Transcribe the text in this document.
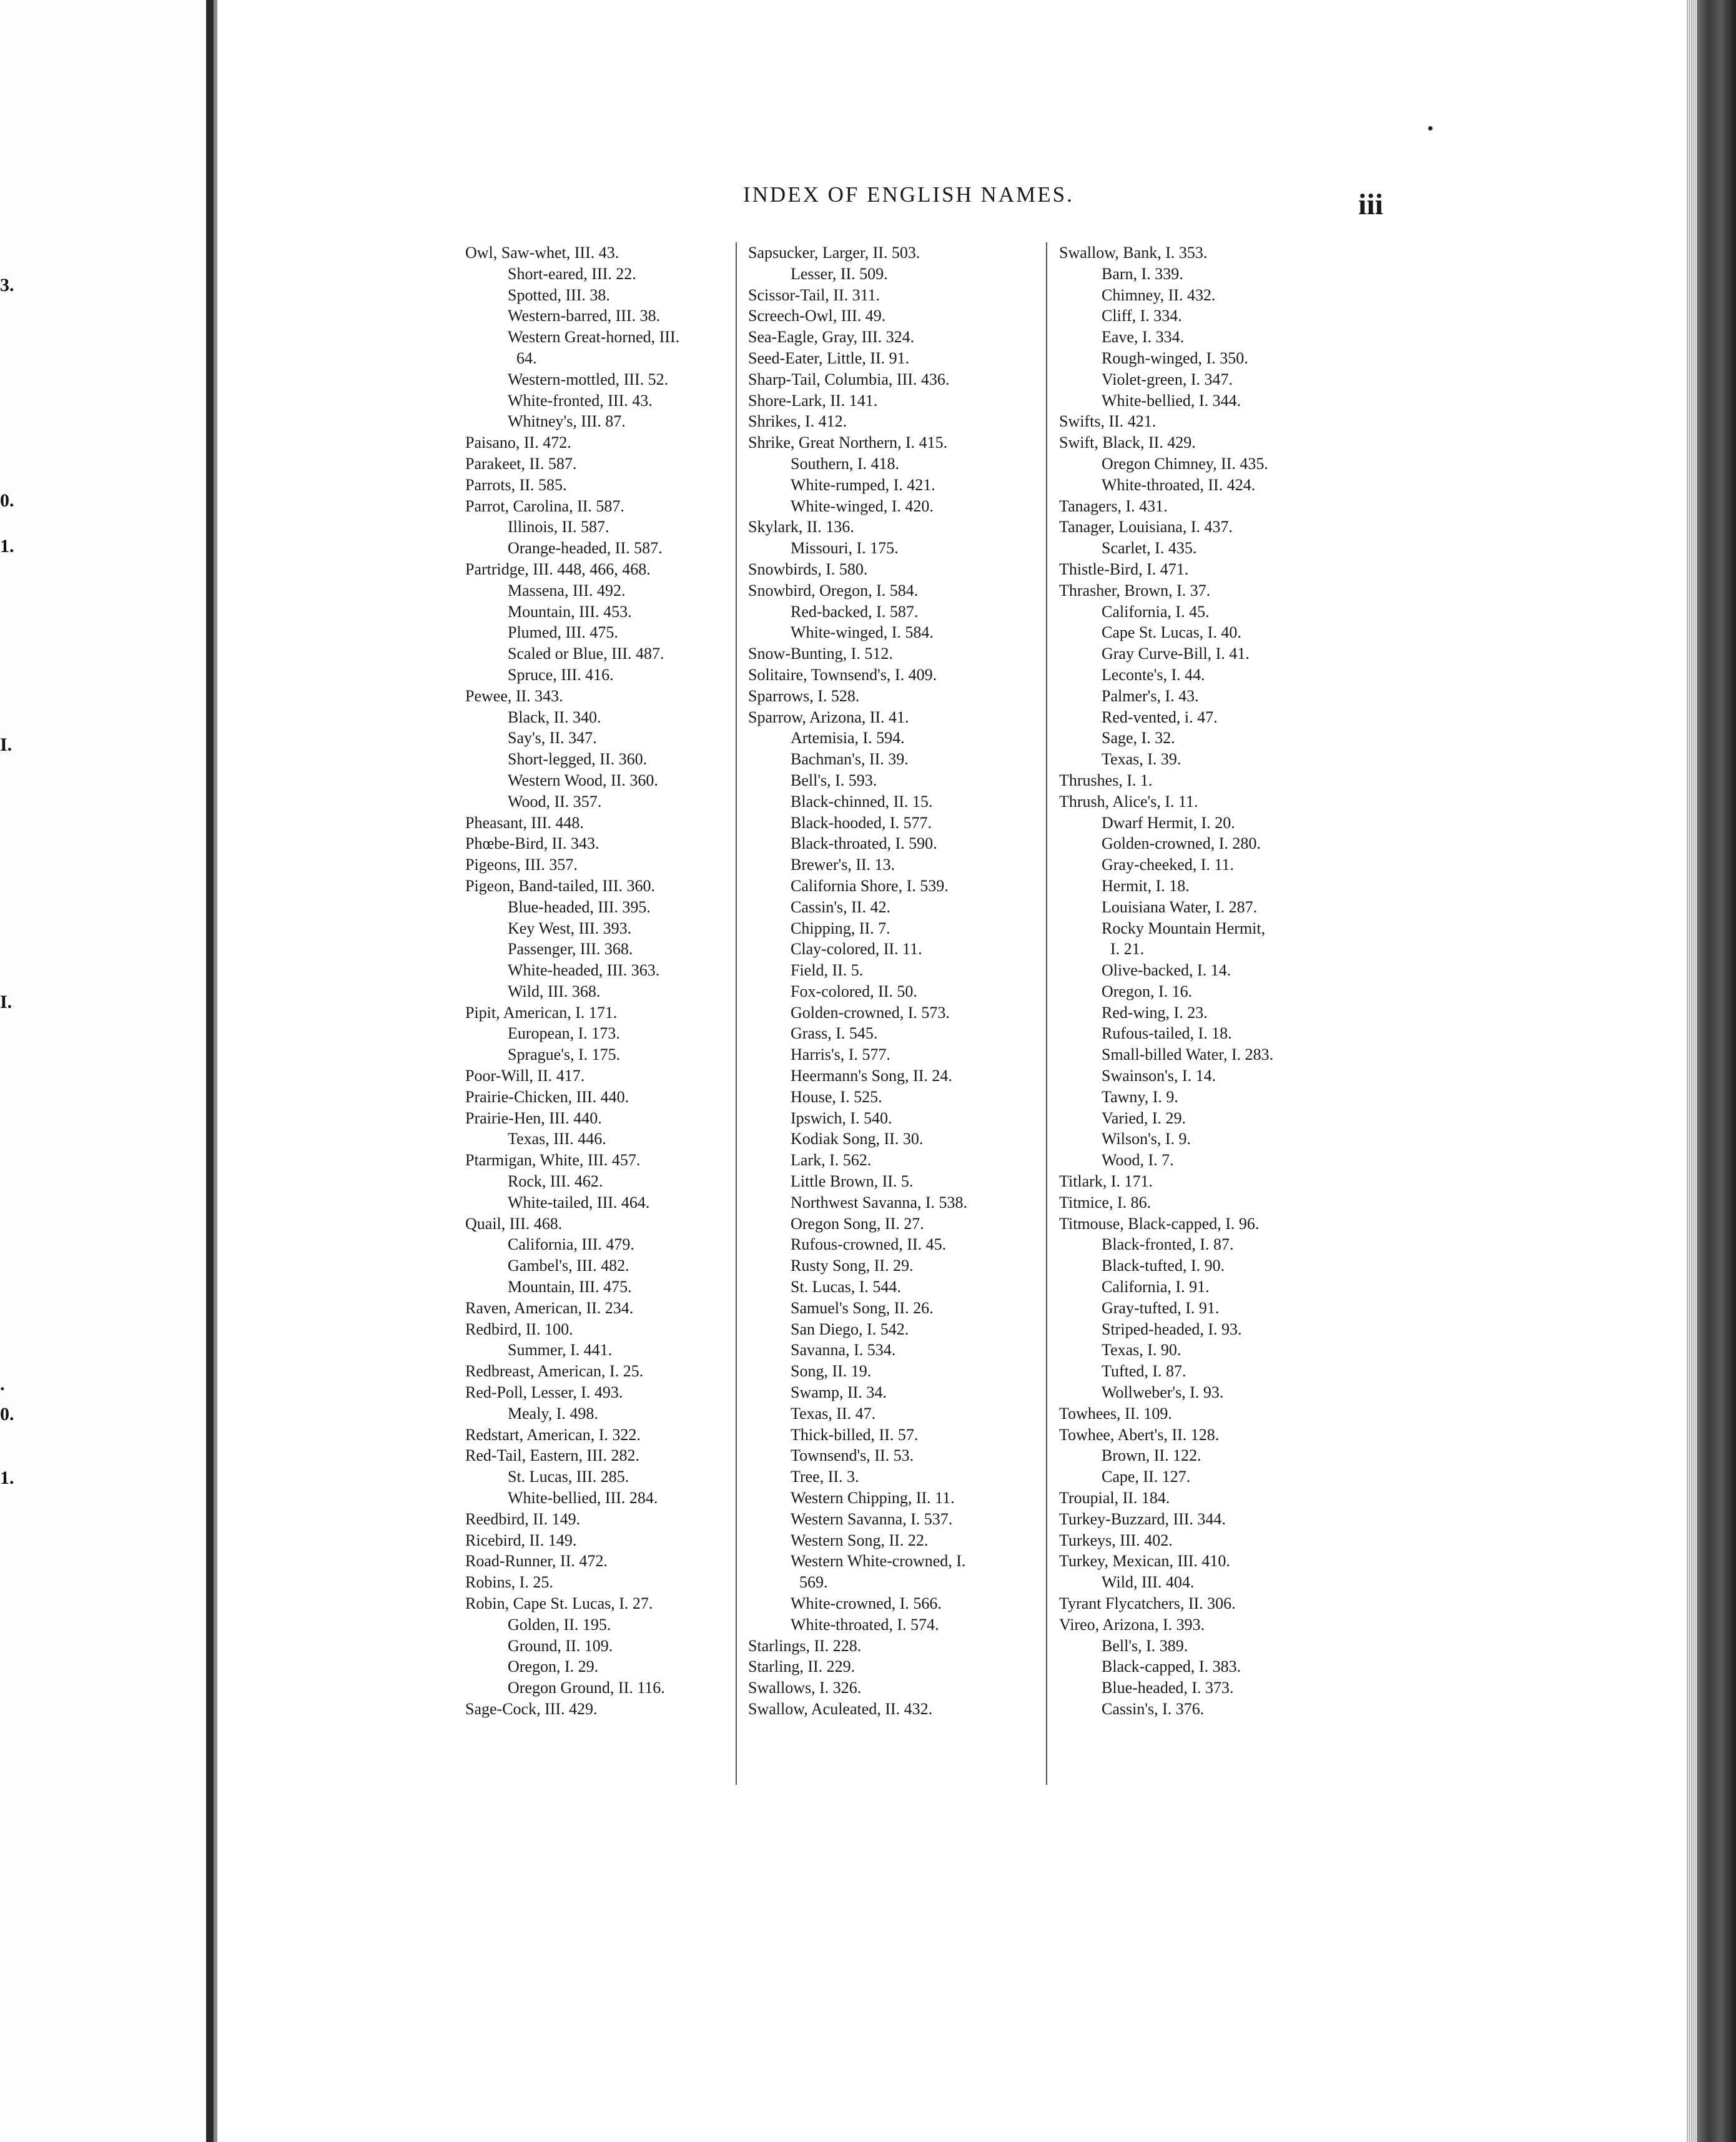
3.
0.
1.
I.
I.
.
0.
1.
INDEX OF ENGLISH NAMES.	iii
Owl, Saw-whet, III. 43.
Short-eared, III. 22.
Spotted, III. 38.
Western-barred, III. 38.
Western Great-horned, III.
64.
Western-mottled, III. 52.
White-fronted, III. 43.
Whitney's, III. 87.
Paisano, II. 472.
Parakeet, II. 587.
Parrots, II. 585.
Parrot, Carolina, II. 587.
Illinois, II. 587.
Orange-headed, II. 587.
Partridge, III. 448, 466, 468.
Massena, III. 492.
Mountain, III. 453.
Plumed, III. 475.
Scaled or Blue, III. 487.
Spruce, III. 416.
Pewee, II. 343.
Black, II. 340.
Say's, II. 347.
Short-legged, II. 360.
Western Wood, II. 360.
Wood, II. 357.
Pheasant, III. 448.
Phœbe-Bird, II. 343.
Pigeons, III. 357.
Pigeon, Band-tailed, III. 360.
Blue-headed, III. 395.
Key West, III. 393.
Passenger, III. 368.
White-headed, III. 363.
Wild, III. 368.
Pipit, American, I. 171.
European, I. 173.
Sprague's, I. 175.
Poor-Will, II. 417.
Prairie-Chicken, III. 440.
Prairie-Hen, III. 440.
Texas, III. 446.
Ptarmigan, White, III. 457.
Rock, III. 462.
White-tailed, III. 464.
Quail, III. 468.
California, III. 479.
Gambel's, III. 482.
Mountain, III. 475.
Raven, American, II. 234.
Redbird, II. 100.
Summer, I. 441.
Redbreast, American, I. 25.
Red-Poll, Lesser, I. 493.
Mealy, I. 498.
Redstart, American, I. 322.
Red-Tail, Eastern, III. 282.
St. Lucas, III. 285.
White-bellied, III. 284.
Reedbird, II. 149.
Ricebird, II. 149.
Road-Runner, II. 472.
Robins, I. 25.
Robin, Cape St. Lucas, I. 27.
Golden, II. 195.
Ground, II. 109.
Oregon, I. 29.
Oregon Ground, II. 116.
Sage-Cock, III. 429.
Sapsucker, Larger, II. 503.
Lesser, II. 509.
Scissor-Tail, II. 311.
Screech-Owl, III. 49.
Sea-Eagle, Gray, III. 324.
Seed-Eater, Little, II. 91.
Sharp-Tail, Columbia, III. 436.
Shore-Lark, II. 141.
Shrikes, I. 412.
Shrike, Great Northern, I. 415.
Southern, I. 418.
White-rumped, I. 421.
White-winged, I. 420.
Skylark, II. 136.
Missouri, I. 175.
Snowbirds, I. 580.
Snowbird, Oregon, I. 584.
Red-backed, I. 587.
White-winged, I. 584.
Snow-Bunting, I. 512.
Solitaire, Townsend's, I. 409.
Sparrows, I. 528.
Sparrow, Arizona, II. 41.
Artemisia, I. 594.
Bachman's, II. 39.
Bell's, I. 593.
Black-chinned, II. 15.
Black-hooded, I. 577.
Black-throated, I. 590.
Brewer's, II. 13.
California Shore, I. 539.
Cassin's, II. 42.
Chipping, II. 7.
Clay-colored, II. 11.
Field, II. 5.
Fox-colored, II. 50.
Golden-crowned, I. 573.
Grass, I. 545.
Harris's, I. 577.
Heermann's Song, II. 24.
House, I. 525.
Ipswich, I. 540.
Kodiak Song, II. 30.
Lark, I. 562.
Little Brown, II. 5.
Northwest Savanna, I. 538.
Oregon Song, II. 27.
Rufous-crowned, II. 45.
Rusty Song, II. 29.
St. Lucas, I. 544.
Samuel's Song, II. 26.
San Diego, I. 542.
Savanna, I. 534.
Song, II. 19.
Swamp, II. 34.
Texas, II. 47.
Thick-billed, II. 57.
Townsend's, II. 53.
Tree, II. 3.
Western Chipping, II. 11.
Western Savanna, I. 537.
Western Song, II. 22.
Western White-crowned, I.
569.
White-crowned, I. 566.
White-throated, I. 574.
Starlings, II. 228.
Starling, II. 229.
Swallows, I. 326.
Swallow, Aculeated, II. 432.
Swallow, Bank, I. 353.
Barn, I. 339.
Chimney, II. 432.
Cliff, I. 334.
Eave, I. 334.
Rough-winged, I. 350.
Violet-green, I. 347.
White-bellied, I. 344.
Swifts, II. 421.
Swift, Black, II. 429.
Oregon Chimney, II. 435.
White-throated, II. 424.
Tanagers, I. 431.
Tanager, Louisiana, I. 437.
Scarlet, I. 435.
Thistle-Bird, I. 471.
Thrasher, Brown, I. 37.
California, I. 45.
Cape St. Lucas, I. 40.
Gray Curve-Bill, I. 41.
Leconte's, I. 44.
Palmer's, I. 43.
Red-vented, i. 47.
Sage, I. 32.
Texas, I. 39.
Thrushes, I. 1.
Thrush, Alice's, I. 11.
Dwarf Hermit, I. 20.
Golden-crowned, I. 280.
Gray-cheeked, I. 11.
Hermit, I. 18.
Louisiana Water, I. 287.
Rocky Mountain Hermit,
I. 21.
Olive-backed, I. 14.
Oregon, I. 16.
Red-wing, I. 23.
Rufous-tailed, I. 18.
Small-billed Water, I. 283.
Swainson's, I. 14.
Tawny, I. 9.
Varied, I. 29.
Wilson's, I. 9.
Wood, I. 7.
Titlark, I. 171.
Titmice, I. 86.
Titmouse, Black-capped, I. 96.
Black-fronted, I. 87.
Black-tufted, I. 90.
California, I. 91.
Gray-tufted, I. 91.
Striped-headed, I. 93.
Texas, I. 90.
Tufted, I. 87.
Wollweber's, I. 93.
Towhees, II. 109.
Towhee, Abert's, II. 128.
Brown, II. 122.
Cape, II. 127.
Troupial, II. 184.
Turkey-Buzzard, III. 344.
Turkeys, III. 402.
Turkey, Mexican, III. 410.
Wild, III. 404.
Tyrant Flycatchers, II. 306.
Vireo, Arizona, I. 393.
Bell's, I. 389.
Black-capped, I. 383.
Blue-headed, I. 373.
Cassin's, I. 376.
